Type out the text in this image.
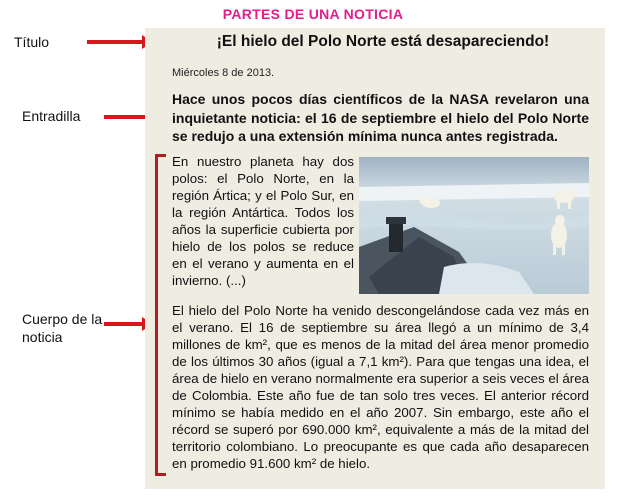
PARTES DE UNA NOTICIA
Título
Entradilla
Cuerpo de la noticia
¡El hielo del Polo Norte está desapareciendo!
Miércoles 8 de 2013.
Hace unos pocos días científicos de la NASA revelaron una inquietante noticia: el 16 de septiembre el hielo del Polo Norte se redujo a una extensión mínima nunca antes registrada.
En nuestro planeta hay dos polos: el Polo Norte, en la región Ártica; y el Polo Sur, en la región Antártica. Todos los años la superficie cubierta por hielo de los polos se reduce en el verano y aumenta en el invierno. (...)
El hielo del Polo Norte ha venido descongelándose cada vez más en el verano. El 16 de septiembre su área llegó a un mínimo de 3,4 millones de km², que es menos de la mitad del área menor promedio de los últimos 30 años (igual a 7,1 km²). Para que tengas una idea, el área de hielo en verano normalmente era superior a seis veces el área de Colombia. Este año fue de tan solo tres veces. El anterior récord mínimo se había medido en el año 2007. Sin embargo, este año el récord se superó por 690.000 km², equivalente a más de la mitad del territorio colombiano. Lo preocupante es que cada año desaparecen en promedio 91.600 km² de hielo.
